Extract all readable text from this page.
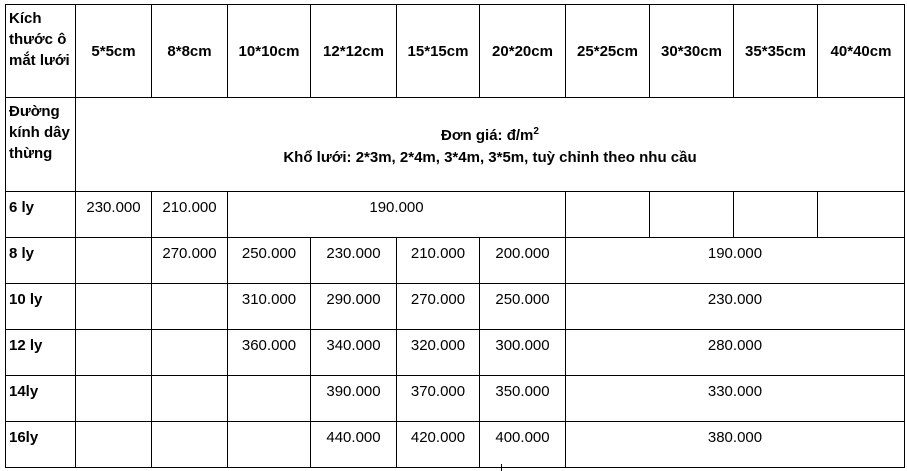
Kích thước ô mắt lưới	5*5cm	8*8cm	10*10cm	12*12cm	15*15cm	20*20cm	25*25cm	30*30cm	35*35cm	40*40cm
Đường kính dây thừng	Đơn giá: $đ/m^2$
Khổ lưới: 2*3m, 2*4m, 3*4m, 3*5m, tuỳ chỉnh theo nhu cầu									
6 ly	230.000	210.000	190.000							
8 ly		270.000	250.000	230.000	210.000	200.000	190.000			
10 ly			310.000	290.000	270.000	250.000	230.000			
12 ly			360.000	340.000	320.000	300.000	280.000			
14ly				390.000	370.000	350.000	330.000			
16ly				440.000	420.000	400.000	380.000			
